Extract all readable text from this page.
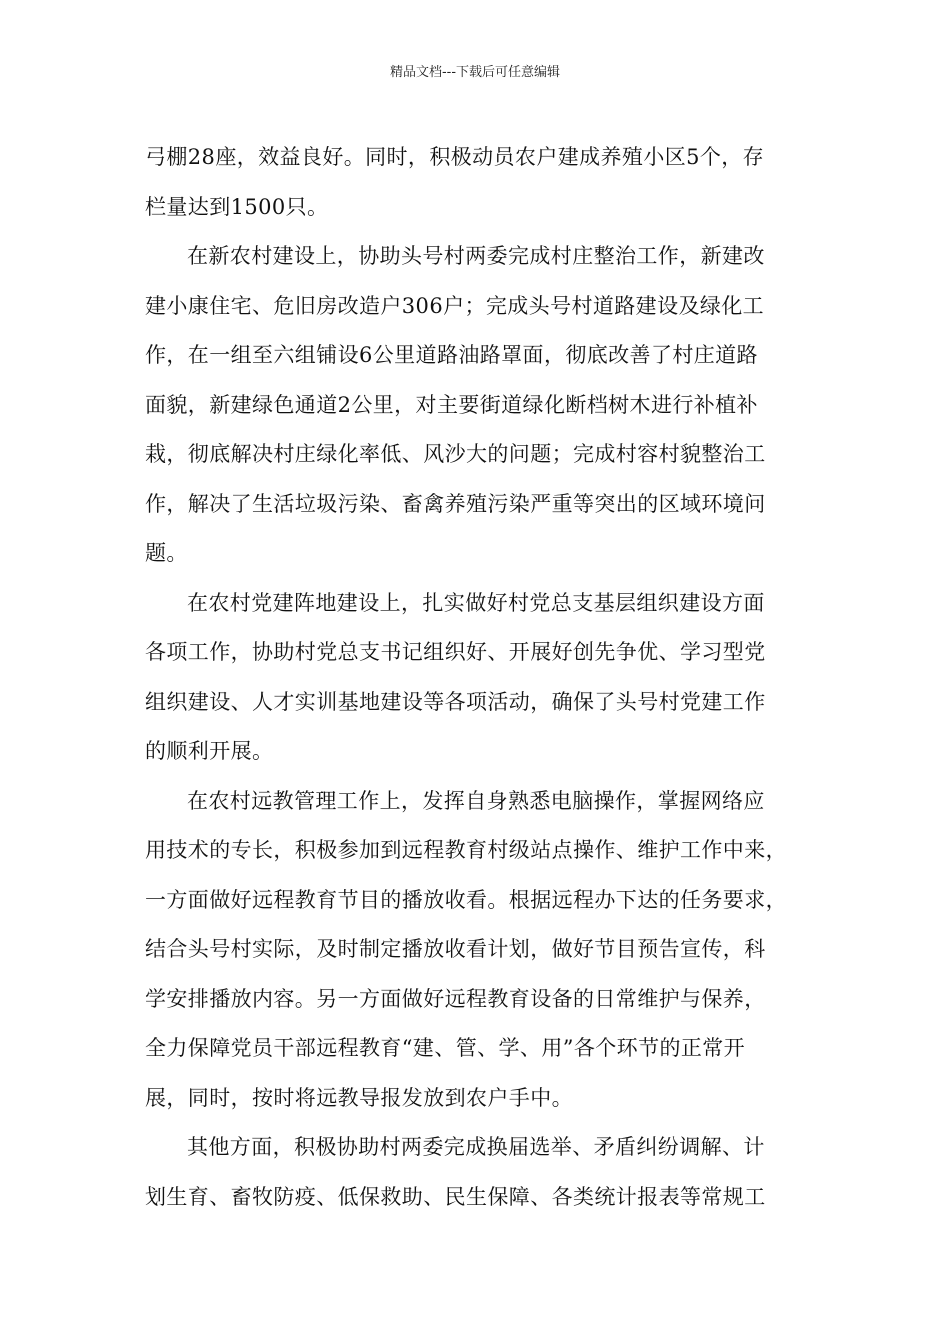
精品文档---下载后可任意编辑

弓棚28座，效益良好。同时，积极动员农户建成养殖小区5个，存
栏量达到1500只。

在新农村建设上，协助头号村两委完成村庄整治工作，新建改
建小康住宅、危旧房改造户306户；完成头号村道路建设及绿化工
作，在一组至六组铺设6公里道路油路罩面，彻底改善了村庄道路
面貌，新建绿色通道2公里，对主要街道绿化断档树木进行补植补
栽，彻底解决村庄绿化率低、风沙大的问题；完成村容村貌整治工
作，解决了生活垃圾污染、畜禽养殖污染严重等突出的区域环境问
题。

在农村党建阵地建设上，扎实做好村党总支基层组织建设方面
各项工作，协助村党总支书记组织好、开展好创先争优、学习型党
组织建设、人才实训基地建设等各项活动，确保了头号村党建工作
的顺利开展。

在农村远教管理工作上，发挥自身熟悉电脑操作，掌握网络应
用技术的专长，积极参加到远程教育村级站点操作、维护工作中来，
一方面做好远程教育节目的播放收看。根据远程办下达的任务要求，
结合头号村实际，及时制定播放收看计划，做好节目预告宣传，科
学安排播放内容。另一方面做好远程教育设备的日常维护与保养，
全力保障党员干部远程教育“建、管、学、用”各个环节的正常开
展，同时，按时将远教导报发放到农户手中。

其他方面，积极协助村两委完成换届选举、矛盾纠纷调解、计
划生育、畜牧防疫、低保救助、民生保障、各类统计报表等常规工
